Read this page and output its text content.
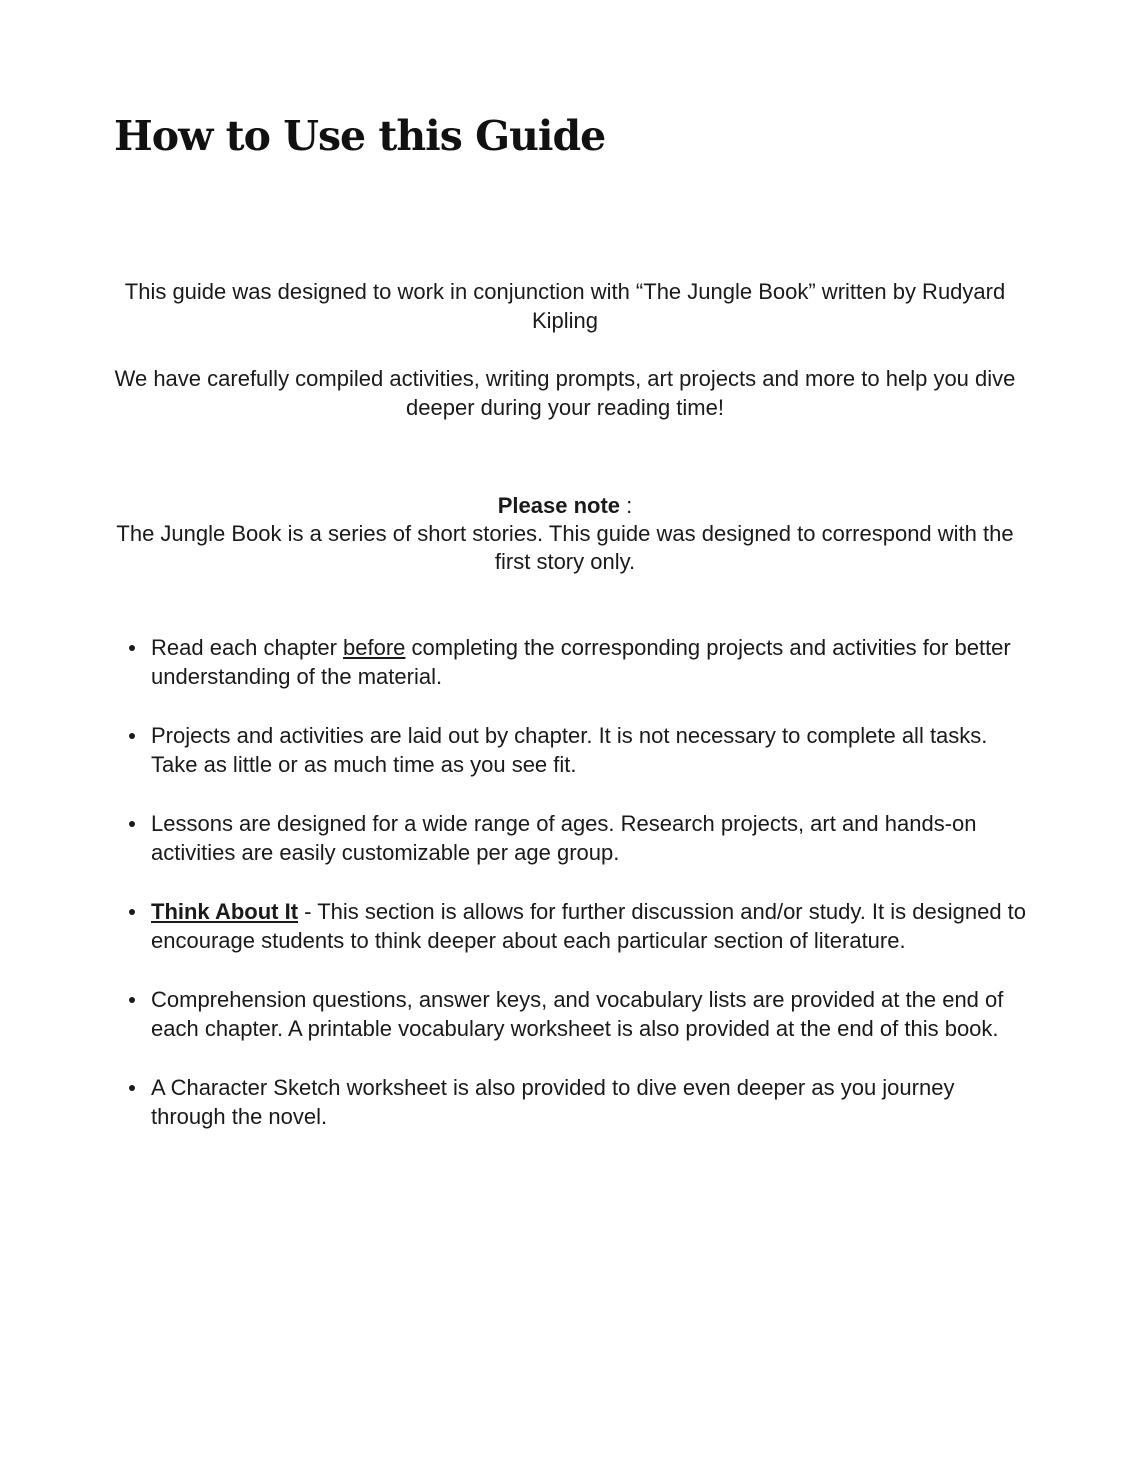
How to Use this Guide

This guide was designed to work in conjunction with “The Jungle Book” written by Rudyard Kipling

We have carefully compiled activities, writing prompts, art projects and more to help you dive deeper during your reading time!

Please note :

The Jungle Book is a series of short stories. This guide was designed to correspond with the first story only.

Read each chapter before completing the corresponding projects and activities for better understanding of the material.
Projects and activities are laid out by chapter. It is not necessary to complete all tasks. Take as little or as much time as you see fit.
Lessons are designed for a wide range of ages. Research projects, art and hands-on activities are easily customizable per age group.
Think About It - This section is allows for further discussion and/or study. It is designed to encourage students to think deeper about each particular section of literature.
Comprehension questions, answer keys, and vocabulary lists are provided at the end of each chapter. A printable vocabulary worksheet is also provided at the end of this book.
A Character Sketch worksheet is also provided to dive even deeper as you journey through the novel.
